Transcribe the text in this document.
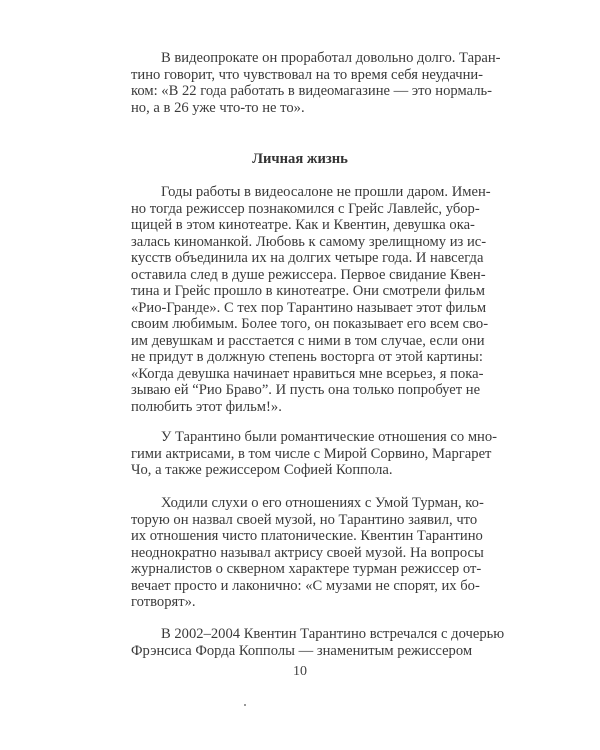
В видеопрокате он проработал довольно долго. Таран-
тино говорит, что чувствовал на то время себя неудачни-
ком: «В 22 года работать в видеомагазине — это нормаль-
но, а в 26 уже что-то не то».
Личная жизнь
Годы работы в видеосалоне не прошли даром. Имен-
но тогда режиссер познакомился с Грейс Лавлейс, убор-
щицей в этом кинотеатре. Как и Квентин, девушка ока-
залась киноманкой. Любовь к самому зрелищному из ис-
кусств объединила их на долгих четыре года. И навсегда
оставила след в душе режиссера. Первое свидание Квен-
тина и Грейс прошло в кинотеатре. Они смотрели фильм
«Рио-Гранде». С тех пор Тарантино называет этот фильм
своим любимым. Более того, он показывает его всем сво-
им девушкам и расстается с ними в том случае, если они
не придут в должную степень восторга от этой картины:
«Когда девушка начинает нравиться мне всерьез, я пока-
зываю ей “Рио Браво”. И пусть она только попробует не
полюбить этот фильм!».
У Тарантино были романтические отношения со мно-
гими актрисами, в том числе с Мирой Сорвино, Маргарет
Чо, а также режиссером Софией Коппола.
Ходили слухи о его отношениях с Умой Турман, ко-
торую он назвал своей музой, но Тарантино заявил, что
их отношения чисто платонические. Квентин Тарантино
неоднократно называл актрису своей музой. На вопросы
журналистов о скверном характере турман режиссер от-
вечает просто и лаконично: «С музами не спорят, их бо-
готворят».
В 2002–2004 Квентин Тарантино встречался с дочерью
Фрэнсиса Форда Копполы — знаменитым режиссером
10
